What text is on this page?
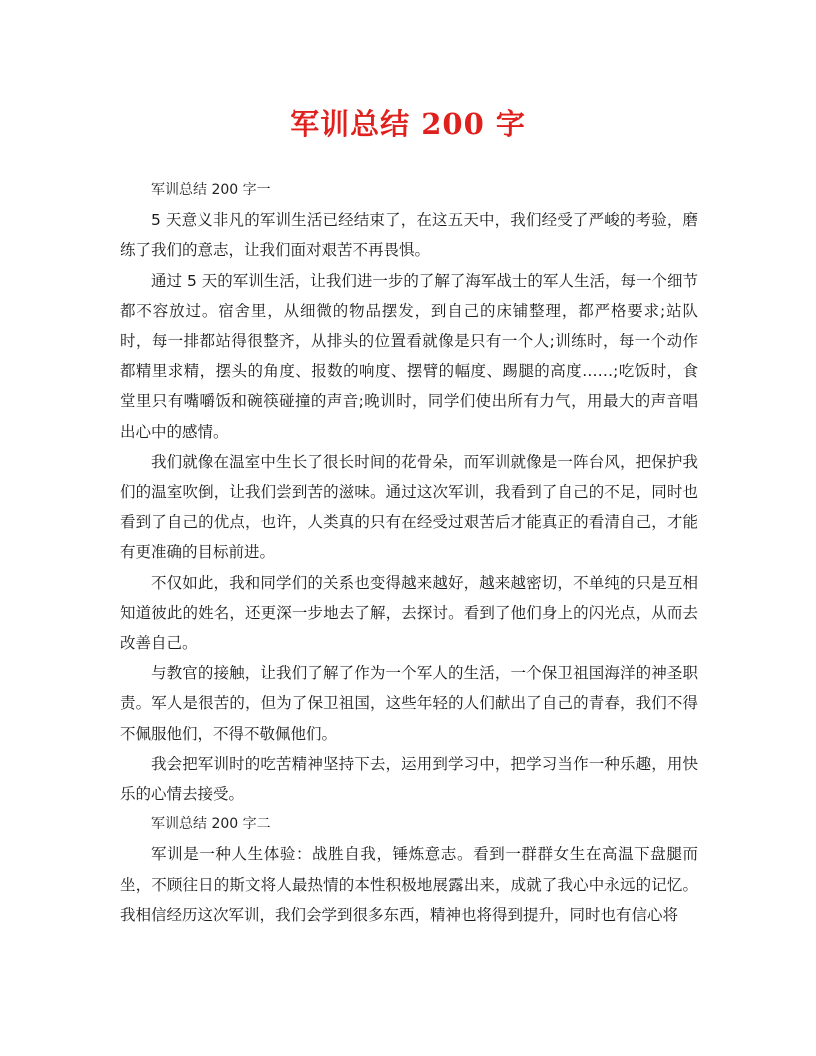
军训总结 200 字

军训总结 200 字一

5 天意义非凡的军训生活已经结束了，在这五天中，我们经受了严峻的考验，磨练了我们的意志，让我们面对艰苦不再畏惧。

通过 5 天的军训生活，让我们进一步的了解了海军战士的军人生活，每一个细节都不容放过。宿舍里，从细微的物品摆发，到自己的床铺整理，都严格要求;站队时，每一排都站得很整齐，从排头的位置看就像是只有一个人;训练时，每一个动作都精里求精，摆头的角度、报数的响度、摆臂的幅度、踢腿的高度……;吃饭时，食堂里只有嘴嚼饭和碗筷碰撞的声音;晚训时，同学们使出所有力气，用最大的声音唱出心中的感情。

我们就像在温室中生长了很长时间的花骨朵，而军训就像是一阵台风，把保护我们的温室吹倒，让我们尝到苦的滋味。通过这次军训，我看到了自己的不足，同时也看到了自己的优点，也许，人类真的只有在经受过艰苦后才能真正的看清自己，才能有更准确的目标前进。

不仅如此，我和同学们的关系也变得越来越好，越来越密切，不单纯的只是互相知道彼此的姓名，还更深一步地去了解，去探讨。看到了他们身上的闪光点，从而去改善自己。

与教官的接触，让我们了解了作为一个军人的生活，一个保卫祖国海洋的神圣职责。军人是很苦的，但为了保卫祖国，这些年轻的人们献出了自己的青春，我们不得不佩服他们，不得不敬佩他们。

我会把军训时的吃苦精神坚持下去，运用到学习中，把学习当作一种乐趣，用快乐的心情去接受。

军训总结 200 字二

军训是一种人生体验：战胜自我，锤炼意志。看到一群群女生在高温下盘腿而坐，不顾往日的斯文将人最热情的本性积极地展露出来，成就了我心中永远的记忆。我相信经历这次军训，我们会学到很多东西，精神也将得到提升，同时也有信心将
